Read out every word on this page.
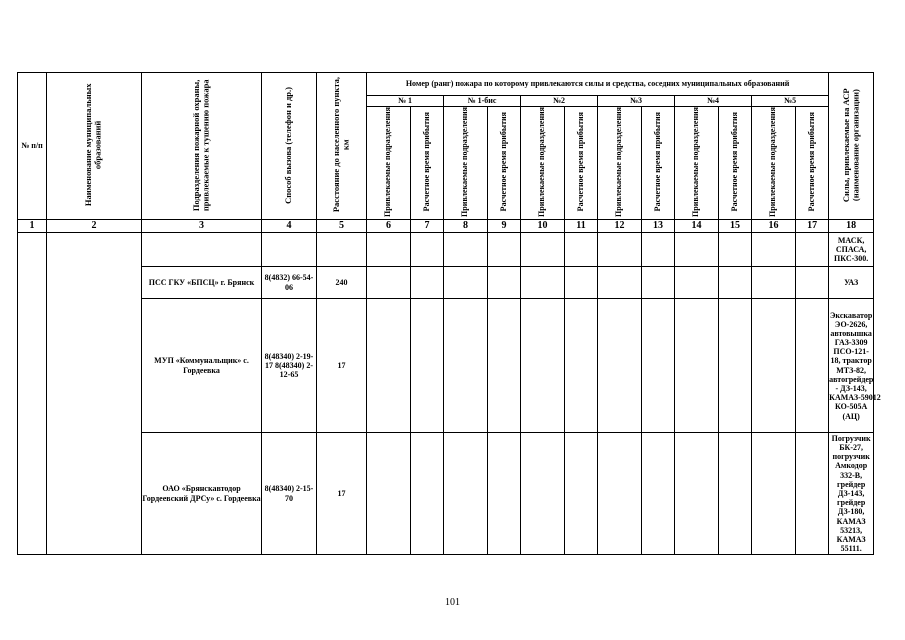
№ п/п	Наименование муниципальных образований	Подразделения пожарной охраны, привлекаемые к тушению пожара	Способ вызова (телефон и др.)	Расстояние до населенного пункта, км	Номер (ранг) пожара по которому привлекаются силы и средства, соседних муниципальных образований												Силы, привлекаемые на АСР (наименование организации)
					№ 1		№ 1-бис		№2		№3		№4		№5		
					Привлекаемые подразделения	Расчетное время прибытия	Привлекаемые подразделения	Расчетное время прибытия	Привлекаемые подразделения	Расчетное время прибытия	Привлекаемые подразделения	Расчетное время прибытия	Привлекаемые подразделения	Расчетное время прибытия	Привлекаемые подразделения	Расчетное время прибытия	
1	2	3	4	5	6	7	8	9	10	11	12	13	14	15	16	17	18
																	МАСК, СПАСА, ПКС-300.
		ПСС ГКУ «БПСЦ» г. Брянск	8(4832) 66-54-06	240													УАЗ
		МУП «Коммунальщик» с. Гордеевка	8(48340) 2-19-17 8(48340) 2-12-65	17													Экскаватор ЭО-2626, автовышка ГАЗ-3309 ПСО-121-18, трактор МТЗ-82, автогрейдер - ДЗ-143, КАМАЗ-59012 КО-505А (АЦ)
		ОАО «Брянскавтодор Гордеевский ДРСу» с. Гордеевка	8(48340) 2-15-70	17													Погрузчик БК-27, погрузчик Амкодор 332-В, грейдер ДЗ-143, грейдер ДЗ-180, КАМАЗ 53213, КАМАЗ 55111.
101
